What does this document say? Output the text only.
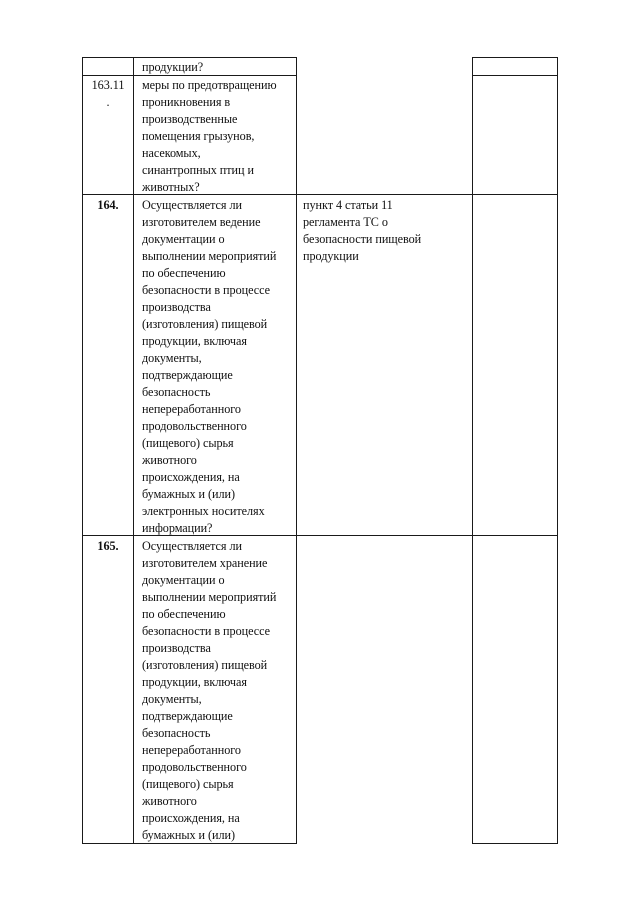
продукции?
163.11
.
меры по предотвращению
проникновения в
производственные
помещения грызунов,
насекомых,
синантропных птиц и
животных?
164.	Осуществляется ли
изготовителем ведение
документации о
выполнении мероприятий
по обеспечению
безопасности в процессе
производства
(изготовления) пищевой
продукции, включая
документы,
подтверждающие
безопасность
непереработанного
продовольственного
(пищевого) сырья
животного
происхождения, на
бумажных и (или)
электронных носителях
информации?
пункт 4 статьи 11
регламента ТС о
безопасности пищевой
продукции
165.	Осуществляется ли
изготовителем хранение
документации о
выполнении мероприятий
по обеспечению
безопасности в процессе
производства
(изготовления) пищевой
продукции, включая
документы,
подтверждающие
безопасность
непереработанного
продовольственного
(пищевого) сырья
животного
происхождения, на
бумажных и (или)
